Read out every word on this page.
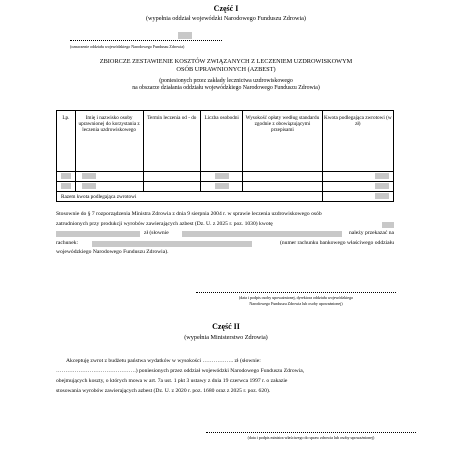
Część I
(wypełnia oddział wojewódzki Narodowego Funduszu Zdrowia)
(oznaczenie oddziału wojewódzkiego Narodowego Funduszu Zdrowia)
ZBIORCZE ZESTAWIENIE KOSZTÓW ZWIĄZANYCH Z LECZENIEM UZDROWISKOWYM
OSÓB UPRAWNIONYCH (AZBEST)
(poniesionych przez zakłady lecznictwa uzdrowiskowego
na obszarze działania oddziału wojewódzkiego Narodowego Funduszu Zdrowia)
Lp.	Imię i nazwisko osoby uprawnionej do korzystania z leczenia uzdrowiskowego	Termin leczenia od - do	Liczba osobodni	Wysokość opłaty według standardu zgodnie z obowiązującymi przepisami	Kwota podlegająca zwrotowi (w zł)

Razem kwota podlegająca zwrotowi					
Stosownie do § 7 rozporządzenia Ministra Zdrowia z dnia 9 sierpnia 2004 r. w sprawie leczenia uzdrowiskowego osób
zatrudnionych przy produkcji wyrobów zawierających azbest (Dz. U. z 2025 r. poz. 1030) kwotę
zł (słownie	należy przekazać na
rachunek:	(numer rachunku bankowego właściwego oddziału
wojewódzkiego Narodowego Funduszu Zdrowia).
(data i podpis osoby upoważnionej, dyrektora oddziału wojewódzkiego
Narodowego Funduszu Zdrowia lub osoby upoważnionej)
Część II
(wypełnia Ministerstwo Zdrowia)
Akceptuję zwrot z budżetu państwa wydatków w wysokości …………….. zł (słownie:
…………………………………….) poniesionych przez oddział wojewódzki Narodowego Funduszu Zdrowia,
obejmujących koszty, o których mowa w art. 7a ust. 1 pkt 3 ustawy z dnia 19 czerwca 1997 r. o zakazie
stosowania wyrobów zawierających azbest (Dz. U. z 2020 r. poz. 1680 oraz z 2025 r. poz. 620).
(data i podpis ministra właściwego do spraw zdrowia lub osoby upoważnionej)
